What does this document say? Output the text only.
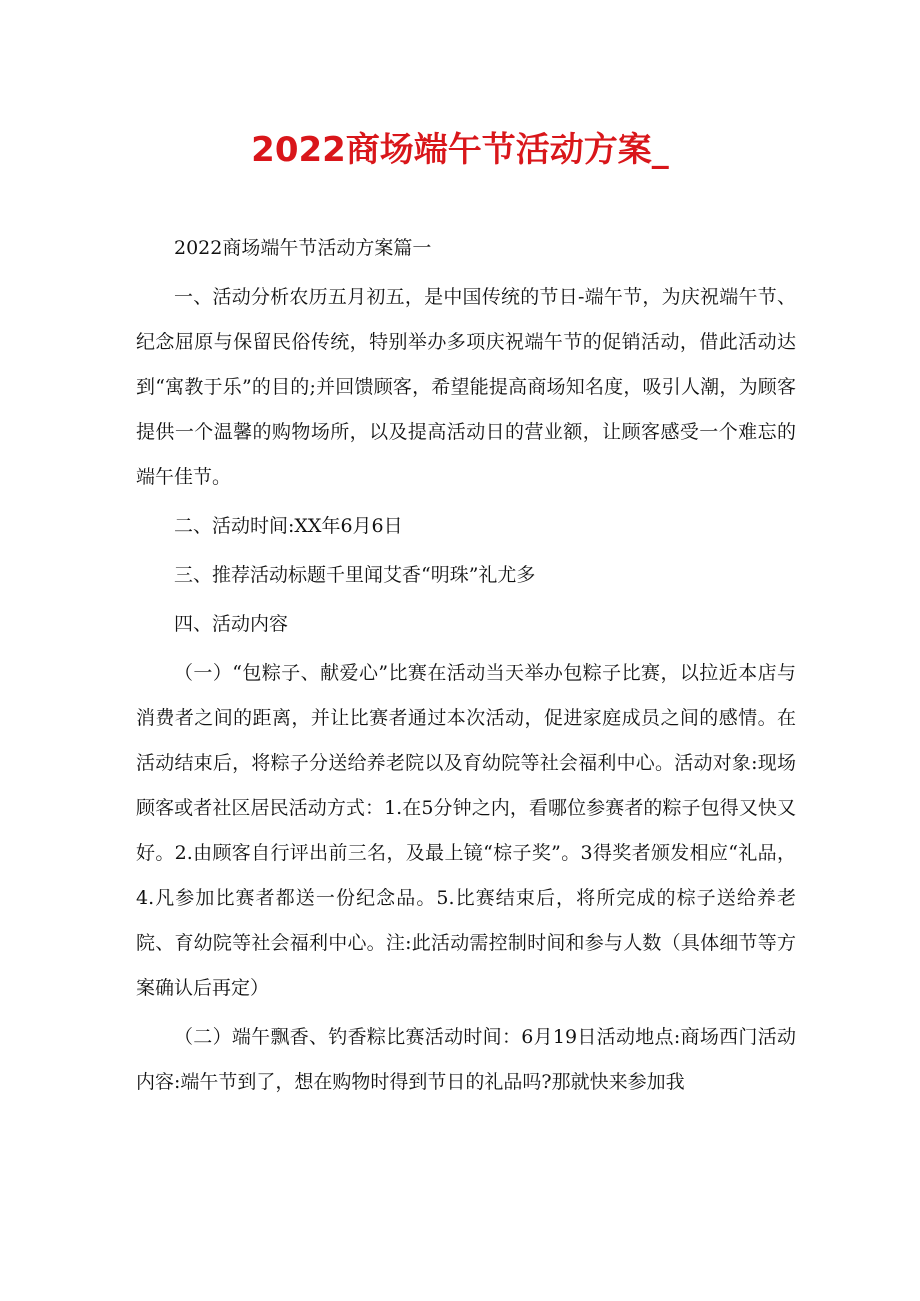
2022商场端午节活动方案_

2022商场端午节活动方案篇一

一、活动分析农历五月初五，是中国传统的节日-端午节，为庆祝端午节、纪念屈原与保留民俗传统，特别举办多项庆祝端午节的促销活动，借此活动达到“寓教于乐”的目的;并回馈顾客，希望能提高商场知名度，吸引人潮，为顾客提供一个温馨的购物场所，以及提高活动日的营业额，让顾客感受一个难忘的端午佳节。

二、活动时间:XX年6月6日

三、推荐活动标题千里闻艾香“明珠”礼尤多

四、活动内容

（一）“包粽子、献爱心”比赛在活动当天举办包粽子比赛，以拉近本店与消费者之间的距离，并让比赛者通过本次活动，促进家庭成员之间的感情。在活动结束后，将粽子分送给养老院以及育幼院等社会福利中心。活动对象:现场顾客或者社区居民活动方式：1.在5分钟之内，看哪位参赛者的粽子包得又快又好。2.由顾客自行评出前三名，及最上镜“棕子奖”。3得奖者颁发相应“礼品，4.凡参加比赛者都送一份纪念品。5.比赛结束后，将所完成的棕子送给养老院、育幼院等社会福利中心。注:此活动需控制时间和参与人数（具体细节等方案确认后再定）

（二）端午飘香、钓香粽比赛活动时间：6月19日活动地点:商场西门活动内容:端午节到了，想在购物时得到节日的礼品吗?那就快来参加我
